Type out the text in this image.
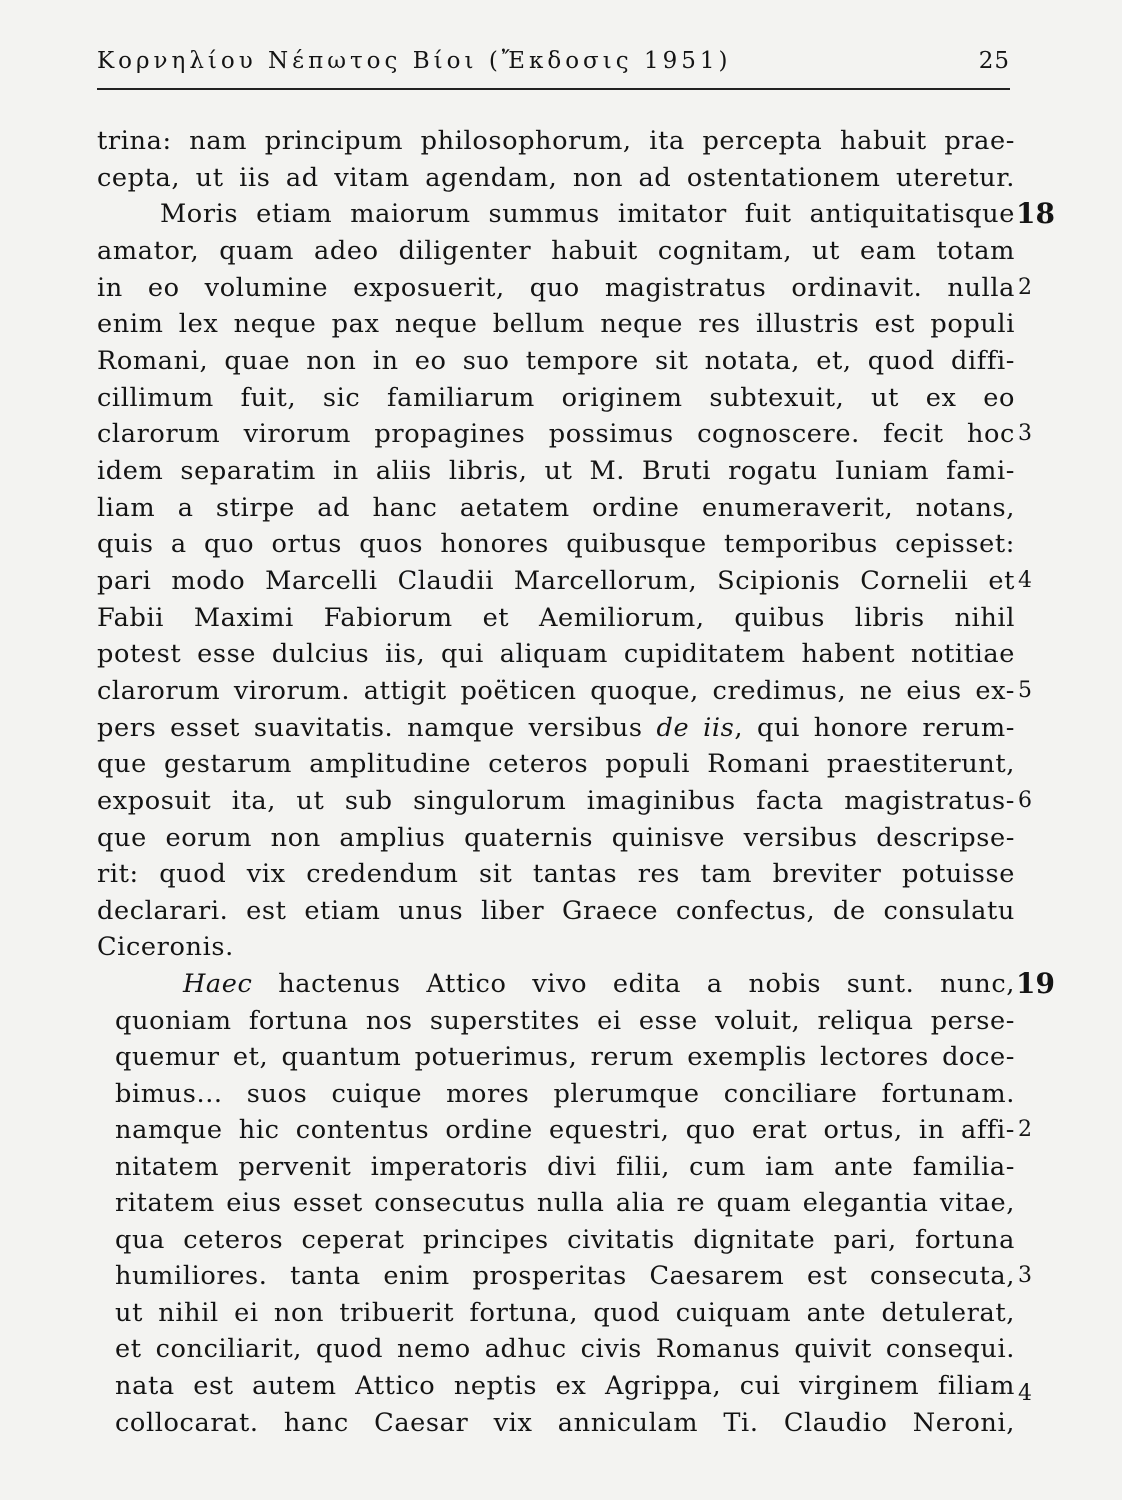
Κορνηλίου Νέπωτος Βίοι (Ἔκδοσις 1951)	25
trina: nam principum philosophorum, ita percepta habuit prae-
cepta, ut iis ad vitam agendam, non ad ostentationem uteretur.
Moris etiam maiorum summus imitator fuit antiquitatisque
amator, quam adeo diligenter habuit cognitam, ut eam totam
in eo volumine exposuerit, quo magistratus ordinavit. nulla
enim lex neque pax neque bellum neque res illustris est populi
Romani, quae non in eo suo tempore sit notata, et, quod diffi-
cillimum fuit, sic familiarum originem subtexuit, ut ex eo
clarorum virorum propagines possimus cognoscere. fecit hoc
idem separatim in aliis libris, ut M. Bruti rogatu Iuniam fami-
liam a stirpe ad hanc aetatem ordine enumeraverit, notans,
quis a quo ortus quos honores quibusque temporibus cepisset:
pari modo Marcelli Claudii Marcellorum, Scipionis Cornelii et
Fabii Maximi Fabiorum et Aemiliorum, quibus libris nihil
potest esse dulcius iis, qui aliquam cupiditatem habent notitiae
clarorum virorum. attigit poëticen quoque, credimus, ne eius ex-
pers esset suavitatis. namque versibus de iis, qui honore rerum-
que gestarum amplitudine ceteros populi Romani praestiterunt,
exposuit ita, ut sub singulorum imaginibus facta magistratus-
que eorum non amplius quaternis quinisve versibus descripse-
rit: quod vix credendum sit tantas res tam breviter potuisse
declarari. est etiam unus liber Graece confectus, de consulatu
Ciceronis.
Haec hactenus Attico vivo edita a nobis sunt. nunc,
quoniam fortuna nos superstites ei esse voluit, reliqua perse-
quemur et, quantum potuerimus, rerum exemplis lectores doce-
bimus... suos cuique mores plerumque conciliare fortunam.
namque hic contentus ordine equestri, quo erat ortus, in affi-
nitatem pervenit imperatoris divi filii, cum iam ante familia-
ritatem eius esset consecutus nulla alia re quam elegantia vitae,
qua ceteros ceperat principes civitatis dignitate pari, fortuna
humiliores. tanta enim prosperitas Caesarem est consecuta,
ut nihil ei non tribuerit fortuna, quod cuiquam ante detulerat,
et conciliarit, quod nemo adhuc civis Romanus quivit consequi.
nata est autem Attico neptis ex Agrippa, cui virginem filiam
collocarat. hanc Caesar vix anniculam Ti. Claudio Neroni,
18
2
3
4
5
6
19
2
3
4
